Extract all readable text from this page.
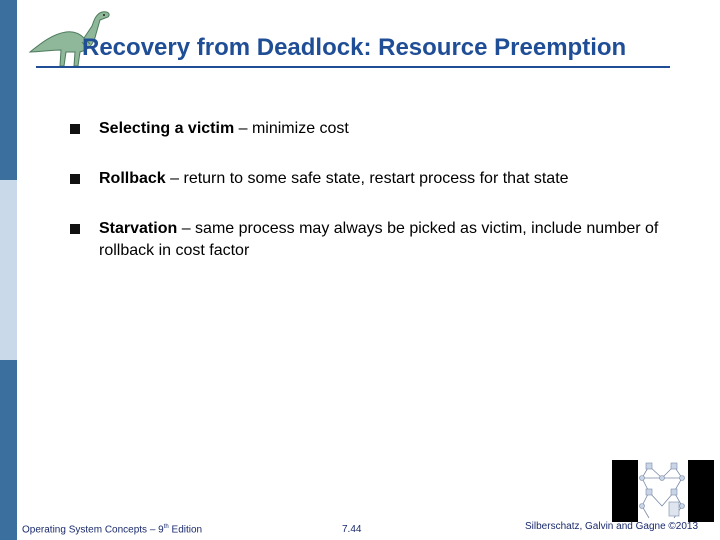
Recovery from Deadlock: Resource Preemption
Selecting a victim – minimize cost
Rollback – return to some safe state, restart process for that state
Starvation – same process may always be picked as victim, include number of rollback in cost factor
Operating System Concepts – 9th Edition	7.44	Silberschatz, Galvin and Gagne ©2013
